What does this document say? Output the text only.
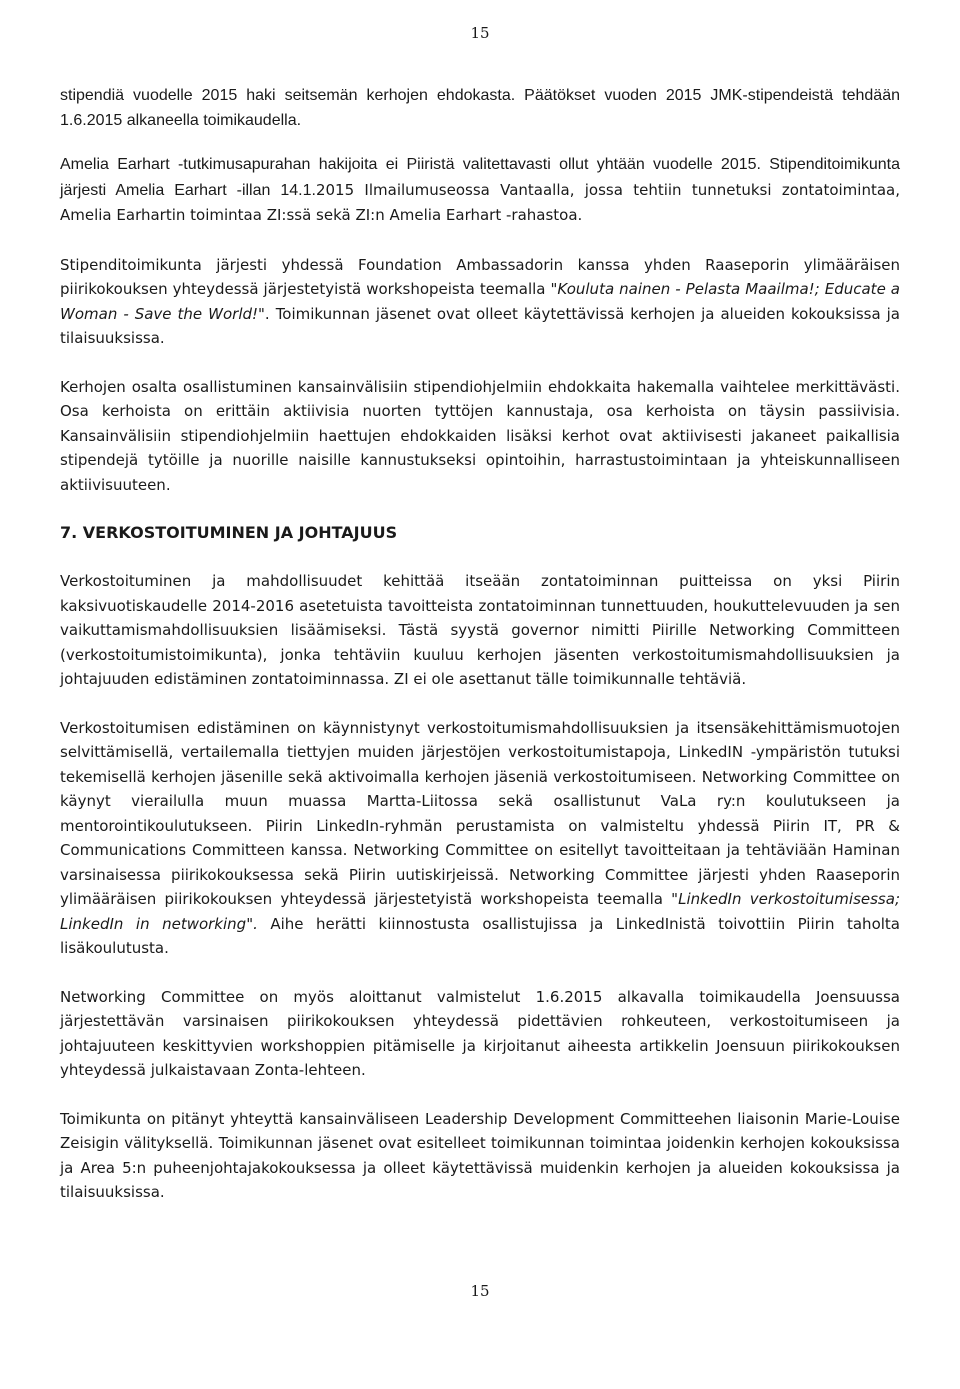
15

stipendiä vuodelle 2015 haki seitsemän kerhojen ehdokasta. Päätökset vuoden 2015 JMK-stipendeistä tehdään 1.6.2015 alkaneella toimikaudella.

Amelia Earhart -tutkimusapurahan hakijoita ei Piiristä valitettavasti ollut yhtään vuodelle 2015. Stipenditoimikunta järjesti Amelia Earhart -illan 14.1.2015 Ilmailumuseossa Vantaalla, jossa tehtiin tunnetuksi zontatoimintaa, Amelia Earhartin toimintaa ZI:ssä sekä ZI:n Amelia Earhart -rahastoa.

Stipenditoimikunta järjesti yhdessä Foundation Ambassadorin kanssa yhden Raaseporin ylimääräisen piirikokouksen yhteydessä järjestetyistä workshopeista teemalla "Kouluta nainen - Pelasta Maailma!; Educate a Woman - Save the World!". Toimikunnan jäsenet ovat olleet käytettävissä kerhojen ja alueiden kokouksissa ja tilaisuuksissa.

Kerhojen osalta osallistuminen kansainvälisiin stipendiohjelmiin ehdokkaita hakemalla vaihtelee merkittävästi. Osa kerhoista on erittäin aktiivisia nuorten tyttöjen kannustaja, osa kerhoista on täysin passiivisia. Kansainvälisiin stipendiohjelmiin haettujen ehdokkaiden lisäksi kerhot ovat aktiivisesti jakaneet paikallisia stipendejä tytöille ja nuorille naisille kannustukseksi opintoihin, harrastustoimintaan ja yhteiskunnalliseen aktiivisuuteen.

7. VERKOSTOITUMINEN JA JOHTAJUUS

Verkostoituminen ja mahdollisuudet kehittää itseään zontatoiminnan puitteissa on yksi Piirin kaksivuotiskaudelle 2014-2016 asetetuista tavoitteista zontatoiminnan tunnettuuden, houkuttelevuuden ja sen vaikuttamismahdollisuuksien lisäämiseksi. Tästä syystä governor nimitti Piirille Networking Committeen (verkostoitumistoimikunta), jonka tehtäviin kuuluu kerhojen jäsenten verkostoitumismahdollisuuksien ja johtajuuden edistäminen zontatoiminnassa. ZI ei ole asettanut tälle toimikunnalle tehtäviä.

Verkostoitumisen edistäminen on käynnistynyt verkostoitumismahdollisuuksien ja itsensäkehittämismuotojen selvittämisellä, vertailemalla tiettyjen muiden järjestöjen verkostoitumistapoja, LinkedIN -ympäristön tutuksi tekemisellä kerhojen jäsenille sekä aktivoimalla kerhojen jäseniä verkostoitumiseen. Networking Committee on käynyt vierailulla muun muassa Martta-Liitossa sekä osallistunut VaLa ry:n koulutukseen ja mentorointikoulutukseen. Piirin LinkedIn-ryhmän perustamista on valmisteltu yhdessä Piirin IT, PR & Communications Committeen kanssa. Networking Committee on esitellyt tavoitteitaan ja tehtäviään Haminan varsinaisessa piirikokouksessa sekä Piirin uutiskirjeissä. Networking Committee järjesti yhden Raaseporin ylimääräisen piirikokouksen yhteydessä järjestetyistä workshopeista teemalla "LinkedIn verkostoitumisessa; LinkedIn in networking". Aihe herätti kiinnostusta osallistujissa ja LinkedInistä toivottiin Piirin taholta lisäkoulutusta.

Networking Committee on myös aloittanut valmistelut 1.6.2015 alkavalla toimikaudella Joensuussa järjestettävän varsinaisen piirikokouksen yhteydessä pidettävien rohkeuteen, verkostoitumiseen ja johtajuuteen keskittyvien workshoppien pitämiselle ja kirjoitanut aiheesta artikkelin Joensuun piirikokouksen yhteydessä julkaistavaan Zonta-lehteen.

Toimikunta on pitänyt yhteyttä kansainväliseen Leadership Development Committeehen liaisonin Marie-Louise Zeisigin välityksellä. Toimikunnan jäsenet ovat esitelleet toimikunnan toimintaa joidenkin kerhojen kokouksissa ja Area 5:n puheenjohtajakokouksessa ja olleet käytettävissä muidenkin kerhojen ja alueiden kokouksissa ja tilaisuuksissa.

15
